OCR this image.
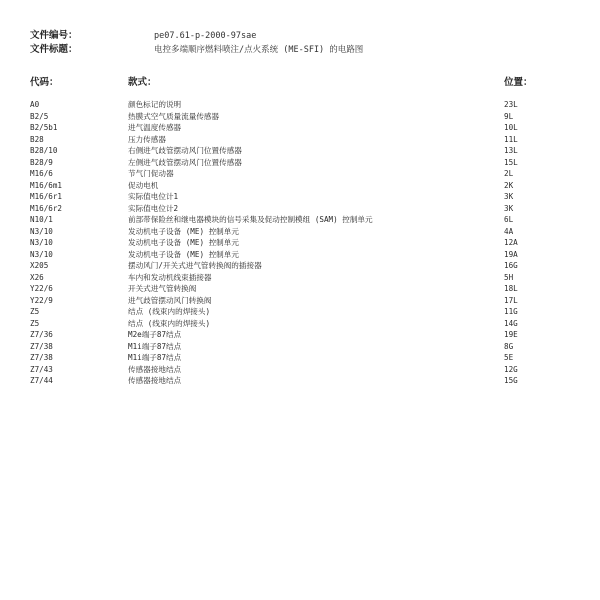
文件编号：	pe07.61-p-2000-97sae
文件标题：	电控多端顺序燃料喷注/点火系统 (ME-SFI) 的电路图
代码：	款式：	位置：
A0	颜色标记的说明	23L
B2/5	热膜式空气质量流量传感器	9L
B2/5b1	进气温度传感器	10L
B28	压力传感器	11L
B28/10	右侧进气歧管摆动风门位置传感器	13L
B28/9	左侧进气歧管摆动风门位置传感器	15L
M16/6	节气门促动器	2L
M16/6m1	促动电机	2K
M16/6r1	实际值电位计1	3K
M16/6r2	实际值电位计2	3K
N10/1	前部带保险丝和继电器模块的信号采集及促动控制模组 (SAM) 控制单元	6L
N3/10	发动机电子设备 (ME) 控制单元	4A
N3/10	发动机电子设备 (ME) 控制单元	12A
N3/10	发动机电子设备 (ME) 控制单元	19A
X205	摆动风门/开关式进气管转换阀的插接器	16G
X26	车内和发动机线束插接器	5H
Y22/6	开关式进气管转换阀	18L
Y22/9	进气歧管摆动风门转换阀	17L
Z5	结点 (线束内的焊接头)	11G
Z5	结点 (线束内的焊接头)	14G
Z7/36	M2e端子87结点	19E
Z7/38	M1i端子87结点	8G
Z7/38	M1i端子87结点	5E
Z7/43	传感器接地结点	12G
Z7/44	传感器接地结点	15G
